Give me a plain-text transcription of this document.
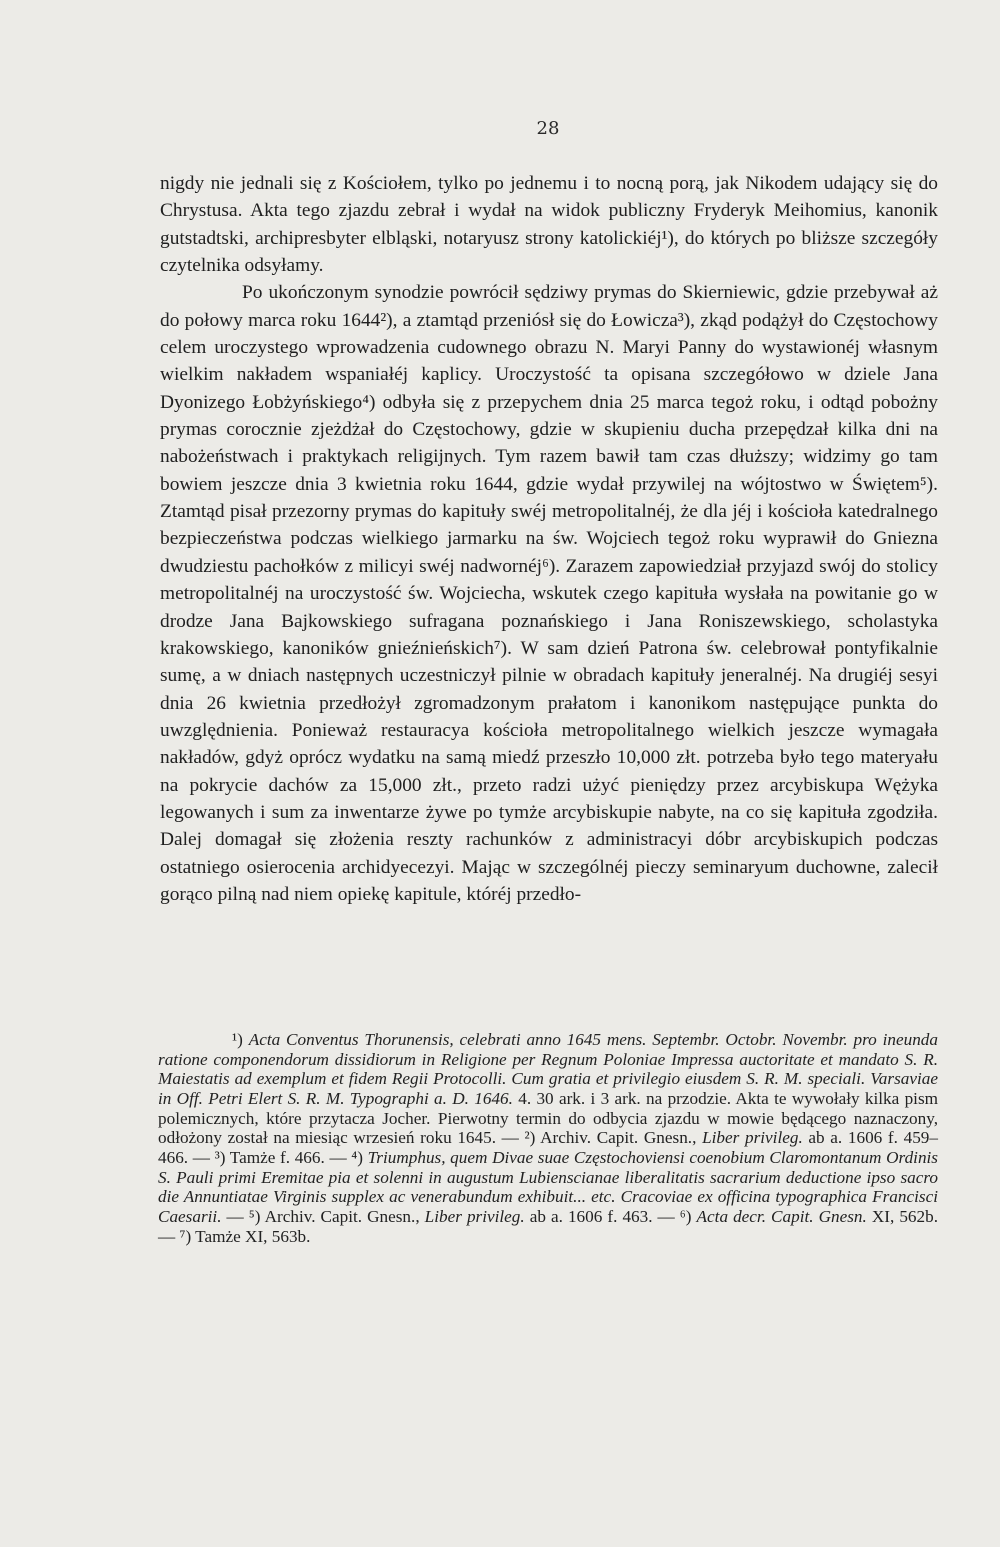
28

nigdy nie jednali się z Kościołem, tylko po jednemu i to nocną porą, jak Nikodem udający się do Chrystusa. Akta tego zjazdu zebrał i wydał na widok publiczny Fryderyk Meihomius, kanonik gutstadtski, archipresbyter elbląski, notaryusz strony katolickiéj¹), do których po bliższe szczegóły czytelnika odsyłamy.

Po ukończonym synodzie powrócił sędziwy prymas do Skierniewic, gdzie przebywał aż do połowy marca roku 1644²), a ztamtąd przeniósł się do Łowicza³), zkąd podążył do Częstochowy celem uroczystego wprowadzenia cudownego obrazu N. Maryi Panny do wystawionéj własnym wielkim nakładem wspaniałéj kaplicy. Uroczystość ta opisana szczegółowo w dziele Jana Dyonizego Łobżyńskiego⁴) odbyła się z przepychem dnia 25 marca tegoż roku, i odtąd pobożny prymas corocznie zjeżdżał do Częstochowy, gdzie w skupieniu ducha przepędzał kilka dni na nabożeństwach i praktykach religijnych. Tym razem bawił tam czas dłuższy; widzimy go tam bowiem jeszcze dnia 3 kwietnia roku 1644, gdzie wydał przywilej na wójtostwo w Świętem⁵). Ztamtąd pisał przezorny prymas do kapituły swéj metropolitalnéj, że dla jéj i kościoła katedralnego bezpieczeństwa podczas wielkiego jarmarku na św. Wojciech tegoż roku wyprawił do Gniezna dwudziestu pachołków z milicyi swéj nadwornéj⁶). Zarazem zapowiedział przyjazd swój do stolicy metropolitalnéj na uroczystość św. Wojciecha, wskutek czego kapituła wysłała na powitanie go w drodze Jana Bajkowskiego sufragana poznańskiego i Jana Roniszewskiego, scholastyka krakowskiego, kanoników gnieźnieńskich⁷). W sam dzień Patrona św. celebrował pontyfikalnie sumę, a w dniach następnych uczestniczył pilnie w obradach kapituły jeneralnéj. Na drugiéj sesyi dnia 26 kwietnia przedłożył zgromadzonym prałatom i kanonikom następujące punkta do uwzględnienia. Ponieważ restauracya kościoła metropolitalnego wielkich jeszcze wymagała nakładów, gdyż oprócz wydatku na samą miedź przeszło 10,000 złt. potrzeba było tego materyału na pokrycie dachów za 15,000 złt., przeto radzi użyć pieniędzy przez arcybiskupa Wężyka legowanych i sum za inwentarze żywe po tymże arcybiskupie nabyte, na co się kapituła zgodziła. Dalej domagał się złożenia reszty rachunków z administracyi dóbr arcybiskupich podczas ostatniego osierocenia archidyecezyi. Mając w szczególnéj pieczy seminaryum duchowne, zalecił gorąco pilną nad niem opiekę kapitule, któréj przedło-

¹) Acta Conventus Thorunensis, celebrati anno 1645 mens. Septembr. Octobr. Novembr. pro ineunda ratione componendorum dissidiorum in Religione per Regnum Poloniae Impressa auctoritate et mandato S. R. Maiestatis ad exemplum et fidem Regii Protocolli. Cum gratia et privilegio eiusdem S. R. M. speciali. Varsaviae in Off. Petri Elert S. R. M. Typographi a. D. 1646. 4. 30 ark. i 3 ark. na przodzie. Akta te wywołały kilka pism polemicznych, które przytacza Jocher. Pierwotny termin do odbycia zjazdu w mowie będącego naznaczony, odłożony został na miesiąc wrzesień roku 1645. — ²) Archiv. Capit. Gnesn., Liber privileg. ab a. 1606 f. 459–466. — ³) Tamże f. 466. — ⁴) Triumphus, quem Divae suae Częstochoviensi coenobium Claromontanum Ordinis S. Pauli primi Eremitae pia et solenni in augustum Lubienscianae liberalitatis sacrarium deductione ipso sacro die Annuntiatae Virginis supplex ac venerabundum exhibuit... etc. Cracoviae ex officina typographica Francisci Caesarii. — ⁵) Archiv. Capit. Gnesn., Liber privileg. ab a. 1606 f. 463. — ⁶) Acta decr. Capit. Gnesn. XI, 562b. — ⁷) Tamże XI, 563b.
